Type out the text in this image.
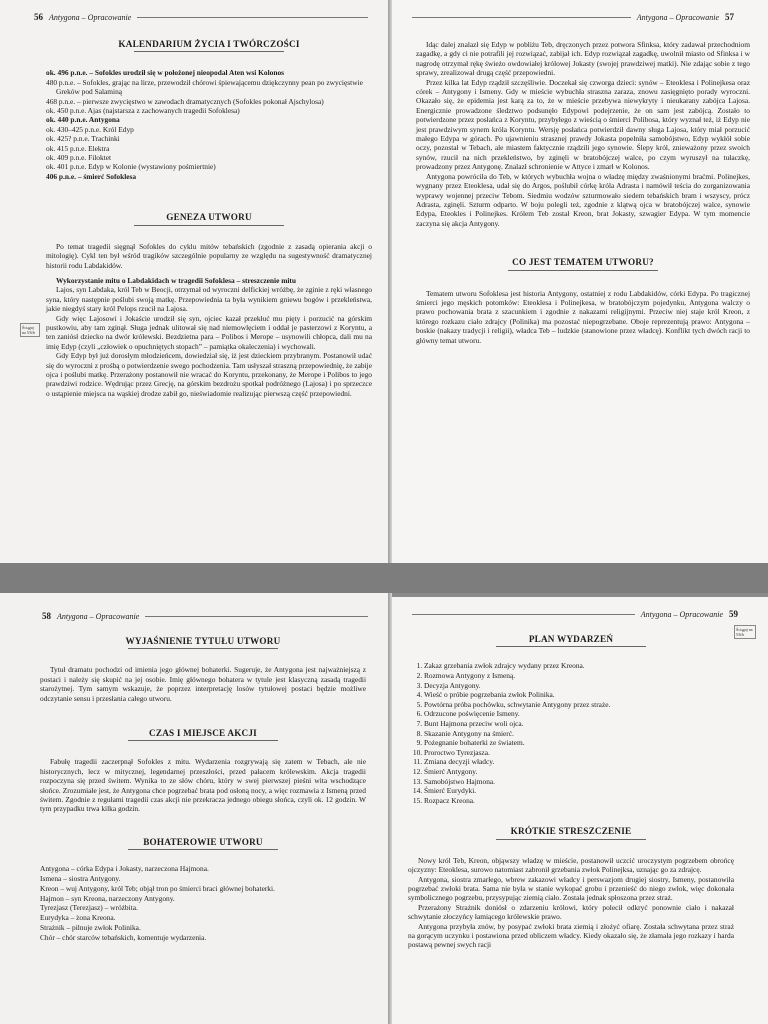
56 Antygona – Opracowanie
KALENDARIUM ŻYCIA I TWÓRCZOŚCI
ok. 496 p.n.e. – Sofokles urodził się w położonej nieopodal Aten wsi Kolonos
480 p.n.e. – Sofokles, grając na lirze, przewodził chórowi śpiewającemu dziękczynny pean po zwycięstwie Greków pod Salaminą
468 p.n.e. – pierwsze zwycięstwo w zawodach dramatycznych (Sofokles pokonał Ajschylosa)
ok. 450 p.n.e. Ajas (najstarsza z zachowanych tragedii Sofoklesa)
ok. 440 p.n.e. Antygona
ok. 430–425 p.n.e. Król Edyp
ok. 425? p.n.e. Trachinki
ok. 415 p.n.e. Elektra
ok. 409 p.n.e. Filoktet
ok. 401 p.n.e. Edyp w Kolonie (wystawiony pośmiertnie)
406 p.n.e. – śmierć Sofoklesa
GENEZA UTWORU

Po temat tragedii sięgnął Sofokles do cyklu mitów tebańskich (zgodnie z zasadą opierania akcji o mitologię). Cykl ten był wśród tragików szczególnie popularny ze względu na sugestywność dramatycznej historii rodu Labdakidów.

Wykorzystanie mitu o Labdakidach w tragedii Sofoklesa – streszczenie mitu

Lajos, syn Labdaka, król Teb w Beocji, otrzymał od wyroczni delfickiej wróżbę, że zginie z ręki własnego syna, który następnie poślubi swoją matkę. Przepowiednia ta była wynikiem gniewu bogów i przekleństwa, jakie niegdyś stary król Pelops rzucił na Lajosa.

Gdy więc Lajosowi i Jokaście urodził się syn, ojciec kazał przekłuć mu pięty i porzucić na górskim pustkowiu, aby tam zginął. Sługa jednak ulitował się nad niemowlęciem i oddał je pasterzowi z Koryntu, a ten zaniósł dziecko na dwór królewski. Bezdzietna para – Polibos i Merope – usynowili chłopca, dali mu na imię Edyp (czyli „człowiek o opuchniętych stopach” – pamiątka okaleczenia) i wychowali.

Gdy Edyp był już dorosłym młodzieńcem, dowiedział się, iż jest dzieckiem przybranym. Postanowił udać się do wyroczni z prośbą o potwierdzenie swego pochodzenia. Tam usłyszał straszną przepowiednię, że zabije ojca i poślubi matkę. Przerażony postanowił nie wracać do Koryntu, przekonany, że Merope i Polibos to jego prawdziwi rodzice. Wędrując przez Grecję, na górskim bezdrożu spotkał podróżnego (Lajosa) i po sprzeczce o ustąpienie miejsca na wąskiej drodze zabił go, nieświadomie realizując pierwszą część przepowiedni.

Ściągaj na 5/6/b
Antygona – Opracowanie 57

Idąc dalej znalazł się Edyp w pobliżu Teb, dręczonych przez potwora Sfinksa, który zadawał przechodniom zagadkę, a gdy ci nie potrafili jej rozwiązać, zabijał ich. Edyp rozwiązał zagadkę, uwolnił miasto od Sfinksa i w nagrodę otrzymał rękę świeżo owdowiałej królowej Jokasty (swojej prawdziwej matki). Nie zdając sobie z tego sprawy, zrealizował drugą część przepowiedni.

Przez kilka lat Edyp rządził szczęśliwie. Doczekał się czworga dzieci: synów – Eteoklesa i Polinejkesa oraz córek – Antygony i Ismeny. Gdy w mieście wybuchła straszna zaraza, znowu zasięgnięto porady wyroczni. Okazało się, że epidemia jest karą za to, że w mieście przebywa niewykryty i nieukarany zabójca Lajosa. Energicznie prowadzone śledztwo podsunęło Edypowi podejrzenie, że on sam jest zabójcą. Zostało to potwierdzone przez posłańca z Koryntu, przybyłego z wieścią o śmierci Polibosa, który wyznał też, iż Edyp nie jest prawdziwym synem króla Koryntu. Wersję posłańca potwierdził dawny sługa Lajosa, który miał porzucić małego Edypa w górach. Po ujawnieniu strasznej prawdy Jokasta popełniła samobójstwo, Edyp wykłół sobie oczy, pozostał w Tebach, ale miastem faktycznie rządzili jego synowie. Ślepy król, znieważony przez swoich synów, rzucił na nich przekleństwo, by zginęli w bratobójczej walce, po czym wyruszył na tułaczkę, prowadzony przez Antygonę. Znalazł schronienie w Attyce i zmarł w Kolonos.

Antygona powróciła do Teb, w których wybuchła wojna o władzę między zwaśnionymi braćmi. Polinejkes, wygnany przez Eteoklesa, udał się do Argos, poślubił córkę króla Adrasta i namówił teścia do zorganizowania wyprawy wojennej przeciw Tebom. Siedmiu wodzów szturmowało siedem tebańskich bram i wszyscy, prócz Adrasta, zginęli. Szturm odparto. W boju polegli też, zgodnie z klątwą ojca w bratobójczej walce, synowie Edypa, Eteokles i Polinejkes. Królem Teb został Kreon, brat Jokasty, szwagier Edypa. W tym momencie zaczyna się akcja Antygony.

CO JEST TEMATEM UTWORU?

Tematem utworu Sofoklesa jest historia Antygony, ostatniej z rodu Labdakidów, córki Edypa. Po tragicznej śmierci jego męskich potomków: Eteoklesa i Polinejkesa, w bratobójczym pojedynku, Antygona walczy o prawo pochowania brata z szacunkiem i zgodnie z nakazami religijnymi. Przeciw niej staje król Kreon, z którego rozkazu ciało zdrajcy (Polinika) ma pozostać niepogrzebane. Oboje reprezentują prawo: Antygona – boskie (nakazy tradycji i religii), władca Teb – ludzkie (stanowione przez władcę). Konflikt tych dwóch racji to główny temat utworu.

58 Antygona – Opracowanie
WYJAŚNIENIE TYTUŁU UTWORU

Tytuł dramatu pochodzi od imienia jego głównej bohaterki. Sugeruje, że Antygona jest najważniejszą z postaci i należy się skupić na jej osobie. Imię głównego bohatera w tytule jest klasyczną zasadą tragedii starożytnej. Tym samym wskazuje, że poprzez interpretację losów tytułowej postaci będzie możliwe odczytanie sensu i przesłania całego utworu.

CZAS I MIEJSCE AKCJI

Fabułę tragedii zaczerpnął Sofokles z mitu. Wydarzenia rozgrywają się zatem w Tebach, ale nie historycznych, lecz w mitycznej, legendarnej przeszłości, przed pałacem królewskim. Akcja tragedii rozpoczyna się przed świtem. Wynika to ze słów chóru, który w swej pierwszej pieśni wita wschodzące słońce. Zrozumiałe jest, że Antygona chce pogrzebać brata pod osłoną nocy, a więc rozmawia z Ismeną przed świtem. Zgodnie z regułami tragedii czas akcji nie przekracza jednego obiegu słońca, czyli ok. 12 godzin. W tym przypadku trwa kilka godzin.

BOHATEROWIE UTWORU
Antygona – córka Edypa i Jokasty, narzeczona Hajmona.
Ismena – siostra Antygony.
Kreon – wuj Antygony, król Teb; objął tron po śmierci braci głównej bohaterki.
Hajmon – syn Kreona, narzeczony Antygony.
Tyrezjasz (Terezjasz) – wróżbita.
Eurydyka – żona Kreona.
Strażnik – pilnuje zwłok Polinika.
Chór – chór starców tebańskich, komentuje wydarzenia.
Antygona – Opracowanie 59
Ściągaj na 5/6/b
PLAN WYDARZEŃ
1. Zakaz grzebania zwłok zdrajcy wydany przez Kreona.
2. Rozmowa Antygony z Ismeną.
3. Decyzja Antygony.
4. Wieść o próbie pogrzebania zwłok Polinika.
5. Powtórna próba pochówku, schwytanie Antygony przez straże.
6. Odrzucone poświęcenie Ismeny.
7. Bunt Hajmona przeciw woli ojca.
8. Skazanie Antygony na śmierć.
9. Pożegnanie bohaterki ze światem.
10. Proroctwo Tyrezjasza.
11. Zmiana decyzji władcy.
12. Śmierć Antygony.
13. Samobójstwo Hajmona.
14. Śmierć Eurydyki.
15. Rozpacz Kreona.
KRÓTKIE STRESZCZENIE

Nowy król Teb, Kreon, objąwszy władzę w mieście, postanowił uczcić uroczystym pogrzebem obrońcę ojczyzny: Eteoklesa, surowo natomiast zabronił grzebania zwłok Polinejksa, uznając go za zdrajcę.

Antygona, siostra zmarłego, wbrew zakazowi władcy i perswazjom drugiej siostry, Ismeny, postanowiła pogrzebać zwłoki brata. Sama nie była w stanie wykopać grobu i przenieść do niego zwłok, więc dokonała symbolicznego pogrzebu, przysypując ziemią ciało. Została jednak spłoszona przez straż.

Przerażony Strażnik doniósł o zdarzeniu królowi, który polecił odkryć ponownie ciało i nakazał schwytanie złoczyńcy łamiącego królewskie prawo.

Antygona przybyła znów, by posypać zwłoki brata ziemią i złożyć ofiarę. Została schwytana przez straż na gorącym uczynku i postawiona przed obliczem władcy. Kiedy okazało się, że złamała jego rozkazy i harda postawą pewnej swych racji
